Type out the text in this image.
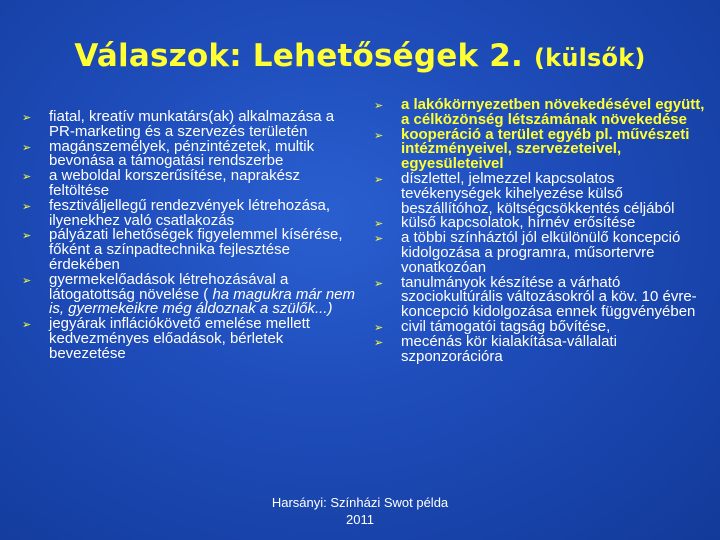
Válaszok: Lehetőségek 2. (külsők)
➢ fiatal, kreatív munkatárs(ak) alkalmazása a PR-marketing és a szervezés területén
➢ magánszemélyek, pénzintézetek, multik bevonása a támogatási rendszerbe
➢ a weboldal korszerűsítése, naprakész feltöltése
➢ fesztiváljellegű rendezvények létrehozása, ilyenekhez való csatlakozás
➢ pályázati lehetőségek figyelemmel kísérése, főként a színpadtechnika fejlesztése érdekében
➢ gyermekelőadások létrehozásával a látogatottság növelése ( ha magukra már nem is, gyermekeikre még áldoznak a szülők...)
➢ jegyárak inflációkövető emelése mellett kedvezményes előadások, bérletek bevezetése
➢ a lakókörnyezetben növekedésével együtt, a célközönség létszámának növekedése
➢ kooperáció a terület egyéb pl. művészeti intézményeivel, szervezeteivel, egyesületeivel
➢ díszlettel, jelmezzel kapcsolatos tevékenységek kihelyezése külső beszállítóhoz, költségcsökkentés céljából
➢ külső kapcsolatok, hírnév erősítése
➢ a többi színháztól jól elkülönülő koncepció kidolgozása a programra, műsortervre vonatkozóan
➢ tanulmányok készítése a várható szociokultúrális változásokról a köv. 10 évre- koncepció kidolgozása ennek függvényében
➢ civil támogatói tagság bővítése,
➢ mecénás kör kialakítása-vállalati szponzorációra
Harsányi: Színházi Swot példa
2011
